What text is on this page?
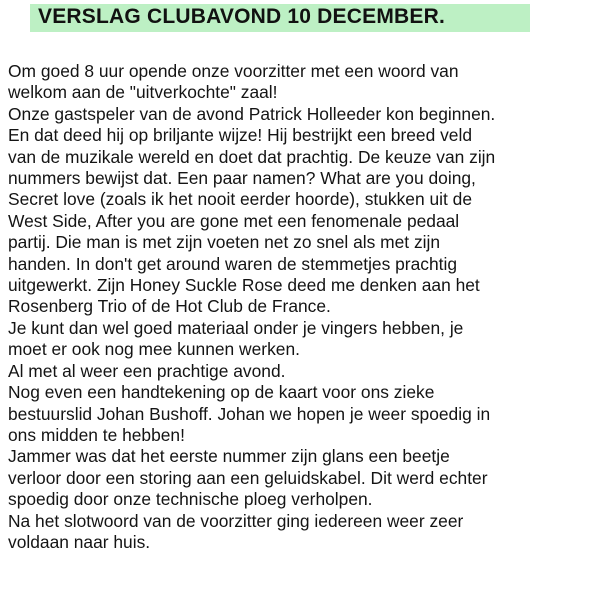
VERSLAG CLUBAVOND 10 DECEMBER.
Om goed 8 uur opende onze voorzitter met een woord van
welkom aan de "uitverkochte" zaal!
Onze gastspeler van de avond Patrick Holleeder kon beginnen.
En dat deed hij op briljante wijze! Hij bestrijkt een breed veld
van de muzikale wereld en doet dat prachtig. De keuze van zijn
nummers bewijst dat. Een paar namen? What are you doing,
Secret love (zoals ik het nooit eerder hoorde), stukken uit de
West Side, After you are gone met een fenomenale pedaal
partij. Die man is met zijn voeten net zo snel als met zijn
handen. In don't get around waren de stemmetjes prachtig
uitgewerkt. Zijn Honey Suckle Rose deed me denken aan het
Rosenberg Trio of de Hot Club de France.
Je kunt dan wel goed materiaal onder je vingers hebben, je
moet er ook nog mee kunnen werken.
Al met al weer een prachtige avond.
Nog even een handtekening op de kaart voor ons zieke
bestuurslid Johan Bushoff. Johan we hopen je weer spoedig in
ons midden te hebben!
Jammer was dat het eerste nummer zijn glans een beetje
verloor door een storing aan een geluidskabel. Dit werd echter
spoedig door onze technische ploeg verholpen.
Na het slotwoord van de voorzitter ging iedereen weer zeer
voldaan naar huis.
